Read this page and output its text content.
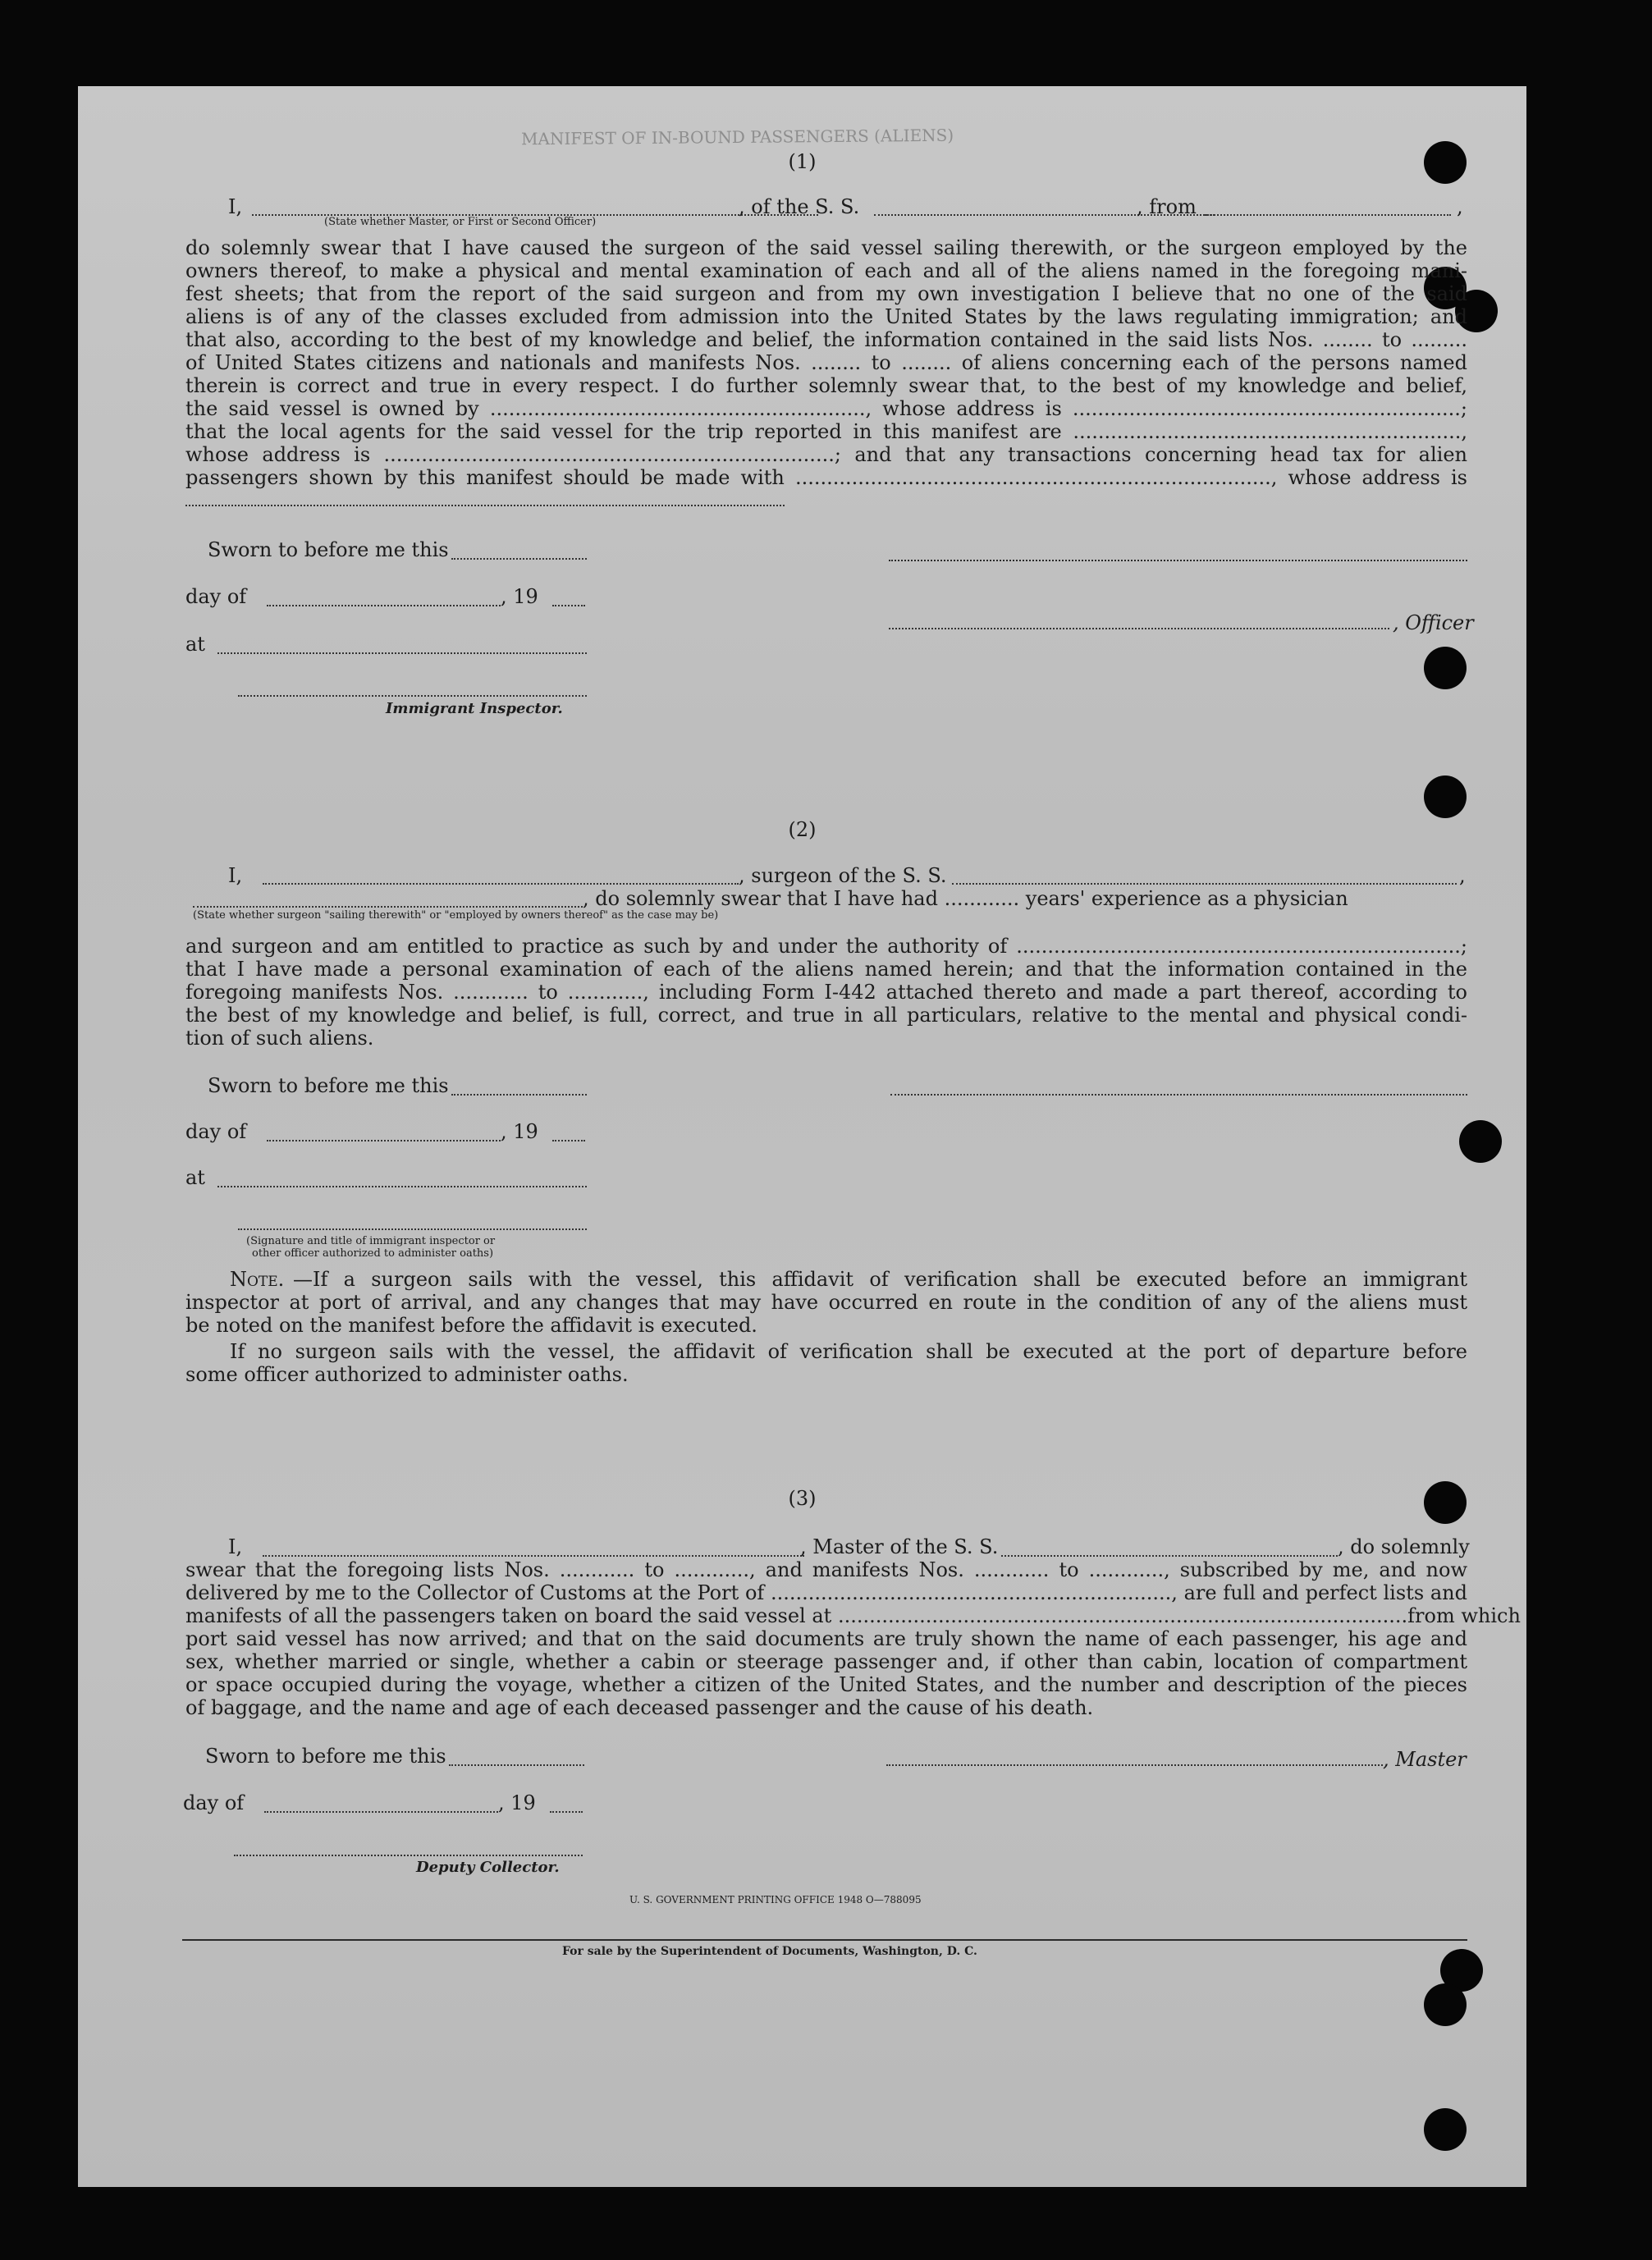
MANIFEST OF IN-BOUND PASSENGERS (ALIENS)
(1)
I,	, of the S. S.	, from	,
(State whether Master, or First or Second Officer)
do solemnly swear that I have caused the surgeon of the said vessel sailing therewith, or the surgeon employed by the
owners thereof, to make a physical and mental examination of each and all of the aliens named in the foregoing mani-
fest sheets; that from the report of the said surgeon and from my own investigation I believe that no one of the said
aliens is of any of the classes excluded from admission into the United States by the laws regulating immigration; and
that also, according to the best of my knowledge and belief, the information contained in the said lists Nos. ........ to .........
of United States citizens and nationals and manifests Nos. ........ to ........ of aliens concerning each of the persons named
therein is correct and true in every respect. I do further solemnly swear that, to the best of my knowledge and belief,
the said vessel is owned by ............................................................, whose address is ..............................................................;
that the local agents for the said vessel for the trip reported in this manifest are ..............................................................,
whose address is ........................................................................; and that any transactions concerning head tax for alien
passengers shown by this manifest should be made with ............................................................................, whose address is
Sworn to before me this
day of	, 19
at
, Officer
Immigrant Inspector.
(2)
I,	, surgeon of the S. S.	,
, do solemnly swear that I have had ............ years' experience as a physician
(State whether surgeon "sailing therewith" or "employed by owners thereof" as the case may be)
and surgeon and am entitled to practice as such by and under the authority of .......................................................................;
that I have made a personal examination of each of the aliens named herein; and that the information contained in the
foregoing manifests Nos. ............ to ............, including Form I-442 attached thereto and made a part thereof, according to
the best of my knowledge and belief, is full, correct, and true in all particulars, relative to the mental and physical condi-
tion of such aliens.
Sworn to before me this
day of	, 19
at
(Signature and title of immigrant inspector or
other officer authorized to administer oaths)
Note. —If a surgeon sails with the vessel, this affidavit of verification shall be executed before an immigrant
inspector at port of arrival, and any changes that may have occurred en route in the condition of any of the aliens must
be noted on the manifest before the affidavit is executed.
If no surgeon sails with the vessel, the affidavit of verification shall be executed at the port of departure before
some officer authorized to administer oaths.
(3)
I,	, Master of the S. S.	, do solemnly
swear that the foregoing lists Nos. ............ to ............, and manifests Nos. ............ to ............, subscribed by me, and now
delivered by me to the Collector of Customs at the Port of ................................................................, are full and perfect lists and
manifests of all the passengers taken on board the said vessel at ...........................................................................................from which
port said vessel has now arrived; and that on the said documents are truly shown the name of each passenger, his age and
sex, whether married or single, whether a cabin or steerage passenger and, if other than cabin, location of compartment
or space occupied during the voyage, whether a citizen of the United States, and the number and description of the pieces
of baggage, and the name and age of each deceased passenger and the cause of his death.
Sworn to before me this	, Master
day of	, 19
Deputy Collector.
U. S. GOVERNMENT PRINTING OFFICE 1948 O—788095
For sale by the Superintendent of Documents, Washington, D. C.
